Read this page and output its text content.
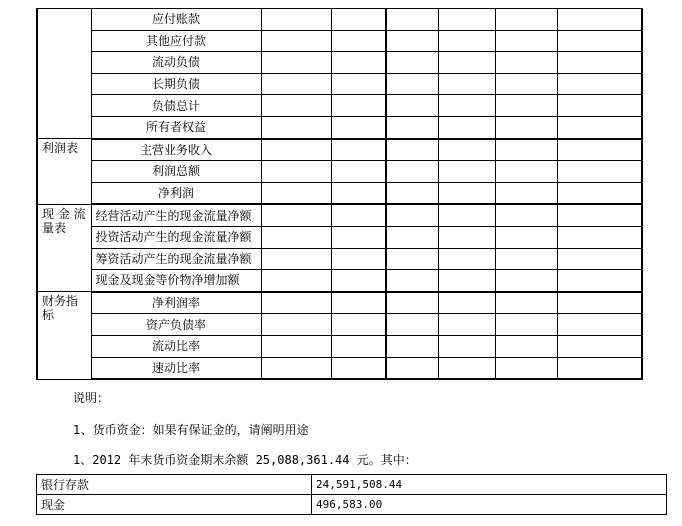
	应付账款						
	其他应付款						
	流动负债						
	长期负债						
	负债总计						
	所有者权益						
利润表	主营业务收入						
	利润总额						
	净利润						
现 金 流 量表	经营活动产生的现金流量净额						
	投资活动产生的现金流量净额						
	筹资活动产生的现金流量净额						
	现金及现金等价物净增加额						
财务指 标	净利润率						
	资产负债率						
	流动比率						
	速动比率						
说明：
1、货币资金：如果有保证金的，请阐明用途
1、2012 年末货币资金期末余额 25,088,361.44 元。其中：
银行存款	24,591,508.44
现金	496,583.00
